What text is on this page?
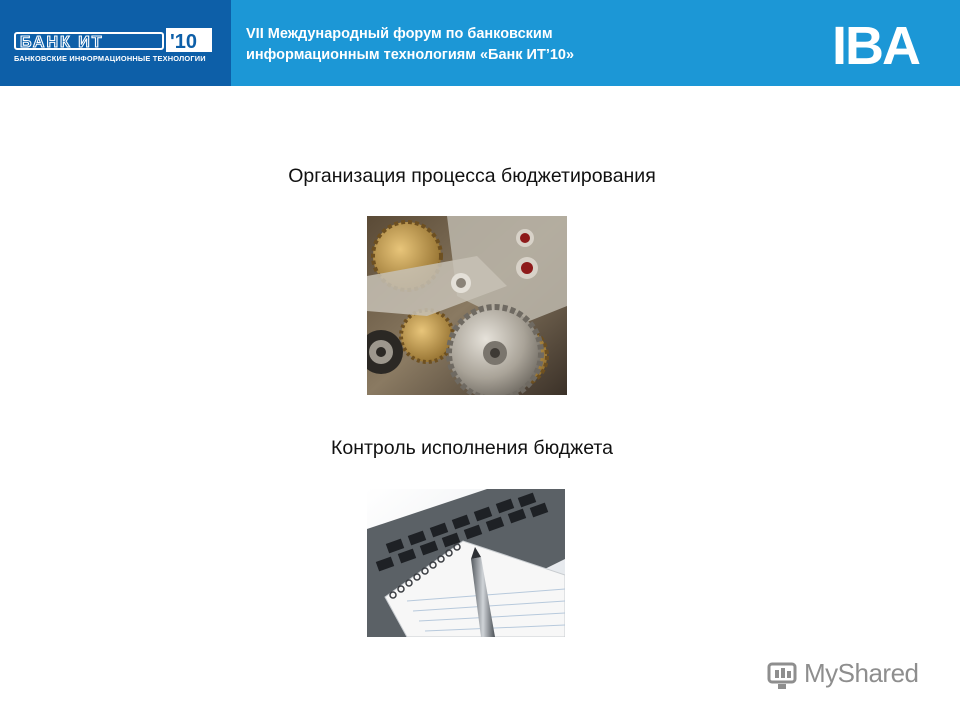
БАНК ИТ	'10
БАНКОВСКИЕ ИНФОРМАЦИОННЫЕ ТЕХНОЛОГИИ
VII Международный форум по банковским
информационным технологиям «Банк ИТ’10»	IBA
Организация процесса бюджетирования
Контроль исполнения бюджета
MyShared
